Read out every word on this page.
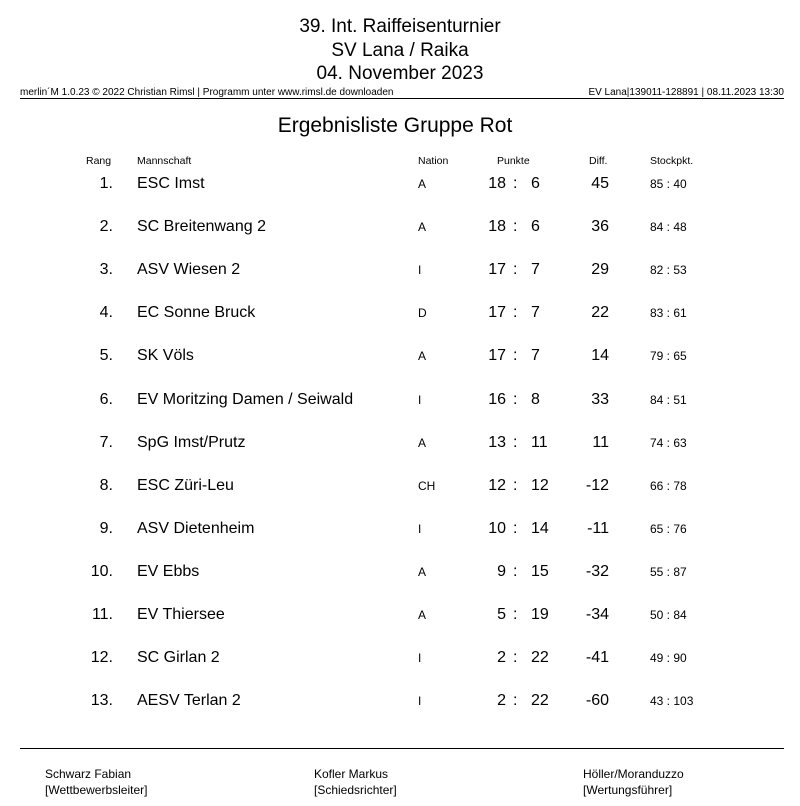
39. Int. Raiffeisenturnier
SV Lana / Raika
04. November 2023
merlin´M 1.0.23 © 2022 Christian Rimsl | Programm unter www.rimsl.de downloaden	EV Lana|139011-128891 | 08.11.2023 13:30
Ergebnisliste Gruppe Rot
Rang Mannschaft	Nation	Punkte	Diff.	Stockpkt.
1. ESC Imst	A	18 : 6	45	85 : 40
2. SC Breitenwang 2	A	18 : 6	36	84 : 48
3. ASV Wiesen 2	I	17 : 7	29	82 : 53
4. EC Sonne Bruck	D	17 : 7	22	83 : 61
5. SK Völs	A	17 : 7	14	79 : 65
6. EV Moritzing Damen / Seiwald	I	16 : 8	33	84 : 51
7. SpG Imst/Prutz	A	13 : 11	11	74 : 63
8. ESC Züri-Leu	CH	12 : 12	-12	66 : 78
9. ASV Dietenheim	I	10 : 14	-11	65 : 76
10. EV Ebbs	A	9 : 15	-32	55 : 87
11. EV Thiersee	A	5 : 19	-34	50 : 84
12. SC Girlan 2	I	2 : 22	-41	49 : 90
13. AESV Terlan 2	I	2 : 22	-60	43 : 103
Schwarz Fabian
[Wettbewerbsleiter]
Kofler Markus
[Schiedsrichter]
Höller/Moranduzzo
[Wertungsführer]
